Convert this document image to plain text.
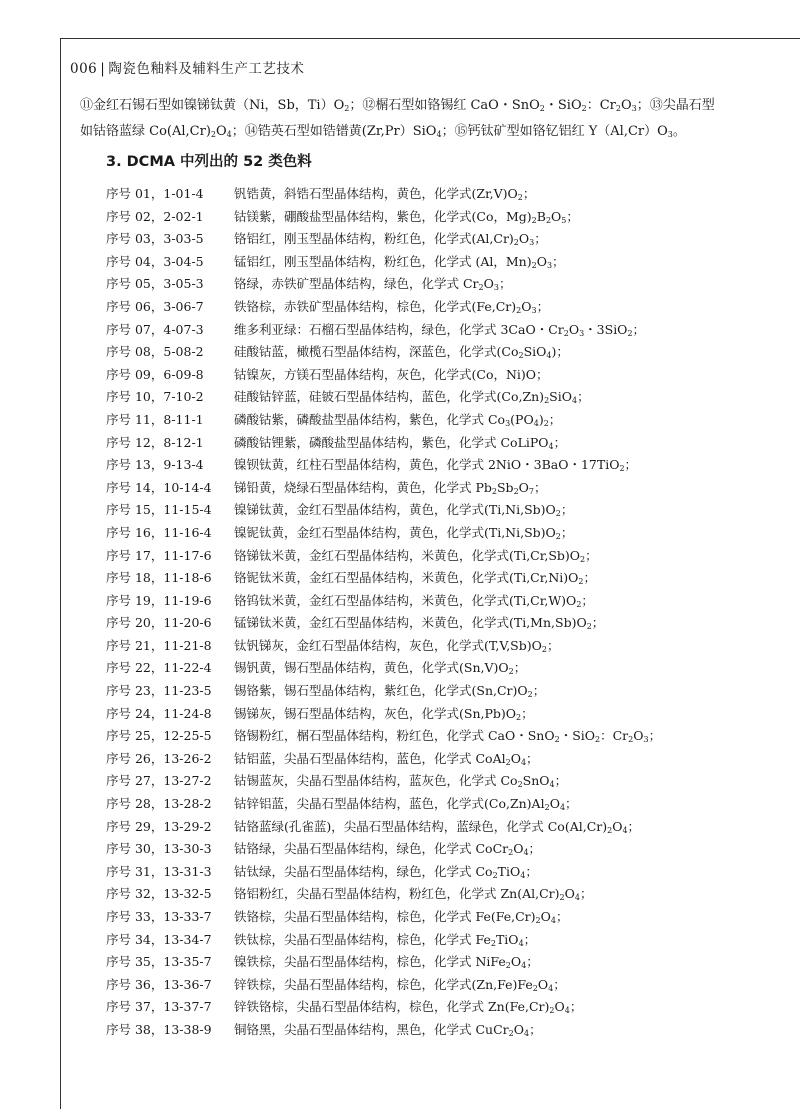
006 | 陶瓷色釉料及辅料生产工艺技术
⑪金红石锡石型如镍锑钛黄（Ni，Sb，$Ti)O_2$；⑫榍石型如铬锡红 CaO・SnO$_2$・SiO$_2$：$Cr_2O_3$；⑬尖晶石型
如钴铬蓝绿 $Co(Al,Cr)_2O_4$；⑭锆英石型如锆镨黄(Zr,Pr）SiO$_4$；⑮钙钛矿型如铬钇铝红 $Y(Al,Cr)O_3$。
3. DCMA 中列出的 52 类色料
序号 01，1-01-4 钒锆黄，斜锆石型晶体结构，黄色，化学式$(Zr,V)O_2$；
序号 02，2-02-1 钴镁紫，硼酸盐型晶体结构，紫色，化学式(Co，$Mg)_2B_2O_5$；
序号 03，3-03-5 铬铝红，刚玉型晶体结构，粉红色，化学式$(Al,Cr)_2O_3$；
序号 04，3-04-5 锰铝红，刚玉型晶体结构，粉红色，化学式 (Al，$Mn)_2O_3$；
序号 05，3-05-3 铬绿，赤铁矿型晶体结构，绿色，化学式 $Cr_2O_3$；
序号 06，3-06-7 铁铬棕，赤铁矿型晶体结构，棕色，化学式$(Fe,Cr)_2O_3$；
序号 07，4-07-3 维多利亚绿：石榴石型晶体结构，绿色，化学式 3CaO・$Cr_2O_3$・3SiO$_2$；
序号 08，5-08-2 硅酸钴蓝，橄榄石型晶体结构，深蓝色，化学式$(Co_2SiO_4)$；
序号 09，6-09-8 钴镍灰，方镁石型晶体结构，灰色，化学式(Co，Ni)O；
序号 10，7-10-2 硅酸钴锌蓝，硅铍石型晶体结构，蓝色，化学式$(Co,Zn)_2SiO_4$；
序号 11，8-11-1 磷酸钴紫，磷酸盐型晶体结构，紫色，化学式 $Co_3(PO_4)_2$；
序号 12，8-12-1 磷酸钴锂紫，磷酸盐型晶体结构，紫色，化学式 CoLiPO$_4$；
序号 13，9-13-4 镍钡钛黄，红柱石型晶体结构，黄色，化学式 2NiO・3BaO・17TiO$_2$；
序号 14，10-14-4 锑铅黄，烧绿石型晶体结构，黄色，化学式 $Pb_2Sb_2O_7$；
序号 15，11-15-4 镍锑钛黄，金红石型晶体结构，黄色，化学式$(Ti,Ni,Sb)O_2$；
序号 16，11-16-4 镍铌钛黄，金红石型晶体结构，黄色，化学式$(Ti,Ni,Sb)O_2$；
序号 17，11-17-6 铬锑钛米黄，金红石型晶体结构，米黄色，化学式$(Ti,Cr,Sb)O_2$；
序号 18，11-18-6 铬铌钛米黄，金红石型晶体结构，米黄色，化学式$(Ti,Cr,Ni)O_2$；
序号 19，11-19-6 铬钨钛米黄，金红石型晶体结构，米黄色，化学式$(Ti,Cr,W)O_2$；
序号 20，11-20-6 锰锑钛米黄，金红石型晶体结构，米黄色，化学式$(Ti,Mn,Sb)O_2$；
序号 21，11-21-8 钛钒锑灰，金红石型晶体结构，灰色，化学式$(T,V,Sb)O_2$；
序号 22，11-22-4 锡钒黄，锡石型晶体结构，黄色，化学式$(Sn,V)O_2$；
序号 23，11-23-5 锡铬紫，锡石型晶体结构，紫红色，化学式$(Sn,Cr)O_2$；
序号 24，11-24-8 锡锑灰，锡石型晶体结构，灰色，化学式$(Sn,Pb)O_2$；
序号 25，12-25-5 铬锡粉红，榍石型晶体结构，粉红色，化学式 CaO・SnO$_2$・SiO$_2$：$Cr_2O_3$；
序号 26，13-26-2 钴铝蓝，尖晶石型晶体结构，蓝色，化学式 $CoAl_2O_4$；
序号 27，13-27-2 钴锡蓝灰，尖晶石型晶体结构，蓝灰色，化学式 $Co_2SnO_4$；
序号 28，13-28-2 钴锌铝蓝，尖晶石型晶体结构，蓝色，化学式$(Co,Zn)Al_2O_4$；
序号 29，13-29-2 钴铬蓝绿(孔雀蓝)，尖晶石型晶体结构，蓝绿色，化学式 $Co(Al,Cr)_2O_4$；
序号 30，13-30-3 钴铬绿，尖晶石型晶体结构，绿色，化学式 $CoCr_2O_4$；
序号 31，13-31-3 钴钛绿，尖晶石型晶体结构，绿色，化学式 $Co_2TiO_4$；
序号 32，13-32-5 铬铝粉红，尖晶石型晶体结构，粉红色，化学式 $Zn(Al,Cr)_2O_4$；
序号 33，13-33-7 铁铬棕，尖晶石型晶体结构，棕色，化学式 $Fe(Fe,Cr)_2O_4$；
序号 34，13-34-7 铁钛棕，尖晶石型晶体结构，棕色，化学式 $Fe_2TiO_4$；
序号 35，13-35-7 镍铁棕，尖晶石型晶体结构，棕色，化学式 $NiFe_2O_4$；
序号 36，13-36-7 锌铁棕，尖晶石型晶体结构，棕色，化学式$(Zn,Fe)Fe_2O_4$；
序号 37，13-37-7 锌铁铬棕，尖晶石型晶体结构，棕色，化学式 $Zn(Fe,Cr)_2O_4$；
序号 38，13-38-9 铜铬黑，尖晶石型晶体结构，黑色，化学式 $CuCr_2O_4$；
